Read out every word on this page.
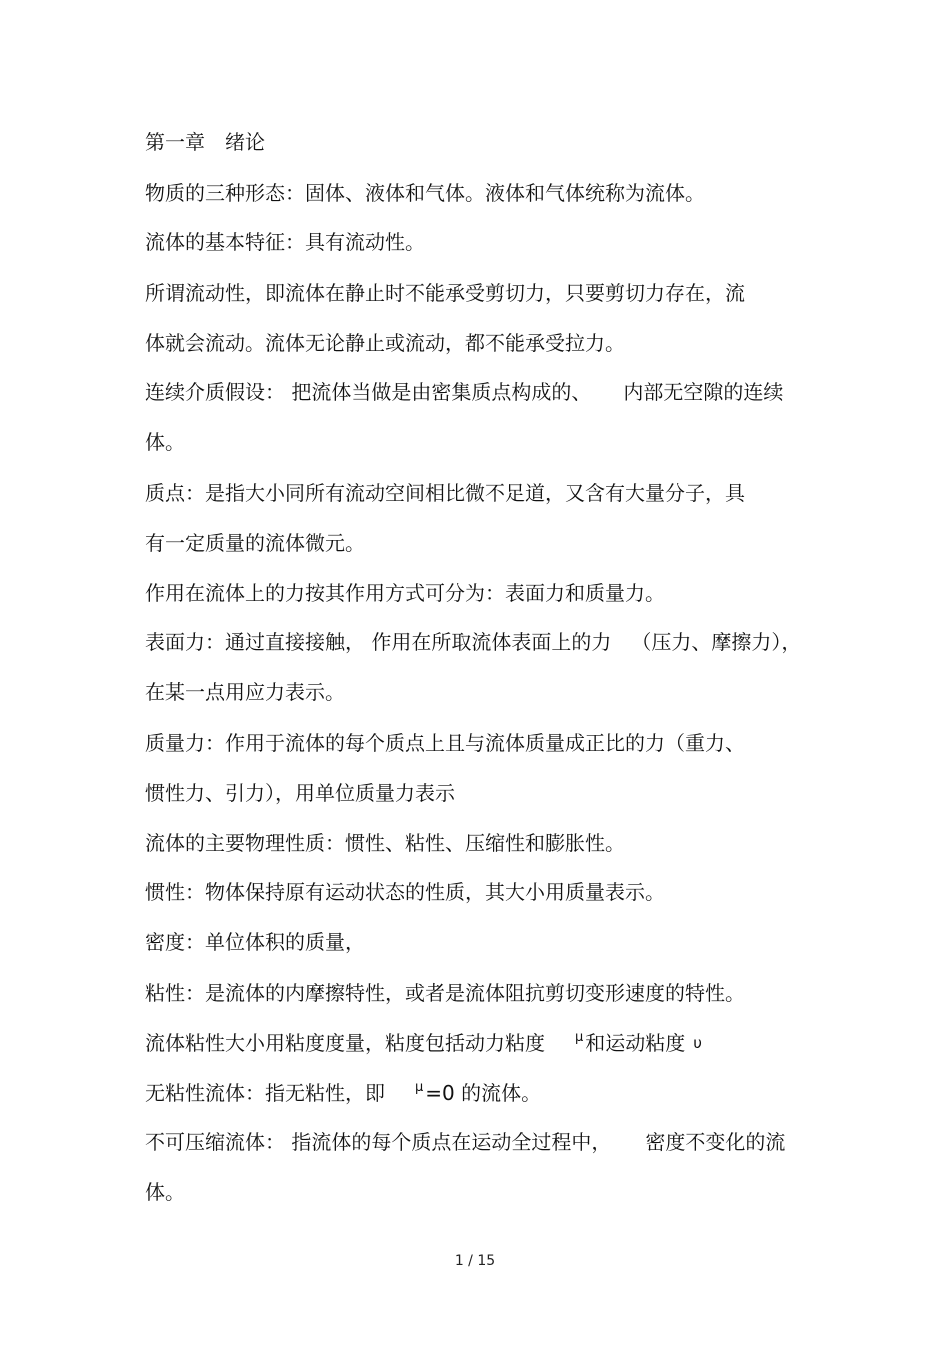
第一章　绪论
物质的三种形态：固体、液体和气体。液体和气体统称为流体。
流体的基本特征：具有流动性。
所谓流动性，即流体在静止时不能承受剪切力，只要剪切力存在，流
体就会流动。流体无论静止或流动，都不能承受拉力。
连续介质假设： 把流体当做是由密集质点构成的、 内部无空隙的连续
体。
质点：是指大小同所有流动空间相比微不足道，又含有大量分子，具
有一定质量的流体微元。
作用在流体上的力按其作用方式可分为：表面力和质量力。
表面力：通过直接接触， 作用在所取流体表面上的力 （压力、摩擦力），
在某一点用应力表示。
质量力：作用于流体的每个质点上且与流体质量成正比的力（重力、
惯性力、引力），用单位质量力表示
流体的主要物理性质：惯性、粘性、压缩性和膨胀性。
惯性：物体保持原有运动状态的性质，其大小用质量表示。
密度：单位体积的质量，
粘性：是流体的内摩擦特性，或者是流体阻抗剪切变形速度的特性。
流体粘性大小用粘度度量，粘度包括动力粘度 μ 和运动粘度 υ
无粘性流体：指无粘性，即 μ =0 的流体。
不可压缩流体： 指流体的每个质点在运动全过程中， 密度不变化的流
体。
1 / 15
